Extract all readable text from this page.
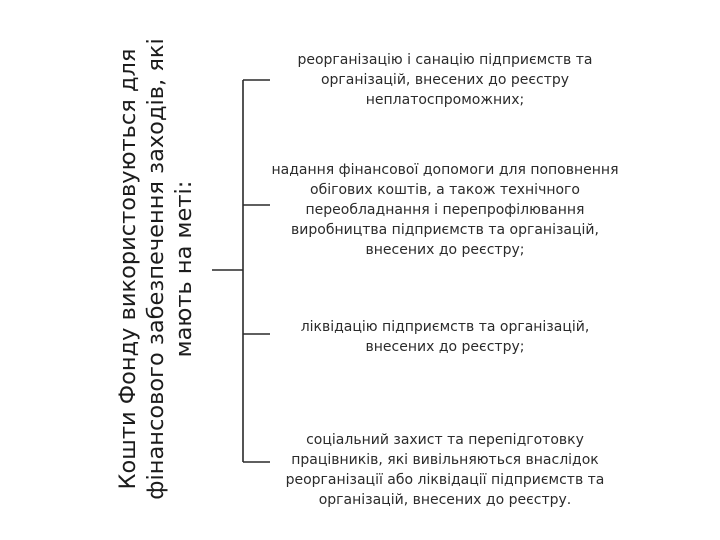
Кошти Фонду використовуються для фінансового забезпечення заходів, які мають на меті:
реорганізацію і санацію підприємств та організацій, внесених до реєстру неплатоспроможних;
надання фінансової допомоги для поповнення обігових коштів, а також технічного переобладнання і перепрофілювання виробництва підприємств та організацій, внесених до реєстру;
ліквідацію підприємств та організацій, внесених до реєстру;
соціальний захист та перепідготовку працівників, які вивільняються внаслідок реорганізації або ліквідації підприємств та організацій, внесених до реєстру.
